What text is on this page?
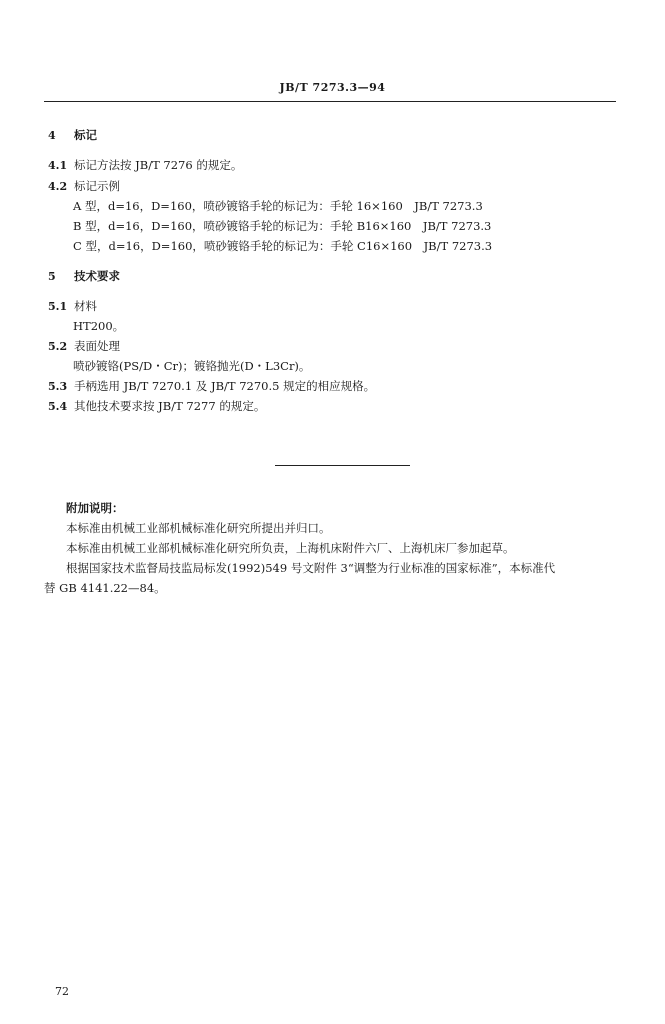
JB/T 7273.3—94
4 标记
4.1 标记方法按 JB/T 7276 的规定。
4.2 标记示例
A 型，d=16，D=160，喷砂镀铬手轮的标记为：手轮 16×160　JB/T 7273.3
B 型，d=16，D=160，喷砂镀铬手轮的标记为：手轮 B16×160　JB/T 7273.3
C 型，d=16，D=160，喷砂镀铬手轮的标记为：手轮 C16×160　JB/T 7273.3
5 技术要求
5.1 材料
HT200。
5.2 表面处理
喷砂镀铬(PS/D・Cr)；镀铬抛光(D・L3Cr)。
5.3 手柄选用 JB/T 7270.1 及 JB/T 7270.5 规定的相应规格。
5.4 其他技术要求按 JB/T 7277 的规定。
附加说明：
本标准由机械工业部机械标准化研究所提出并归口。
本标准由机械工业部机械标准化研究所负责，上海机床附件六厂、上海机床厂参加起草。
根据国家技术监督局技监局标发(1992)549 号文附件 3“调整为行业标准的国家标准”，本标准代
替 GB 4141.22—84。
72
